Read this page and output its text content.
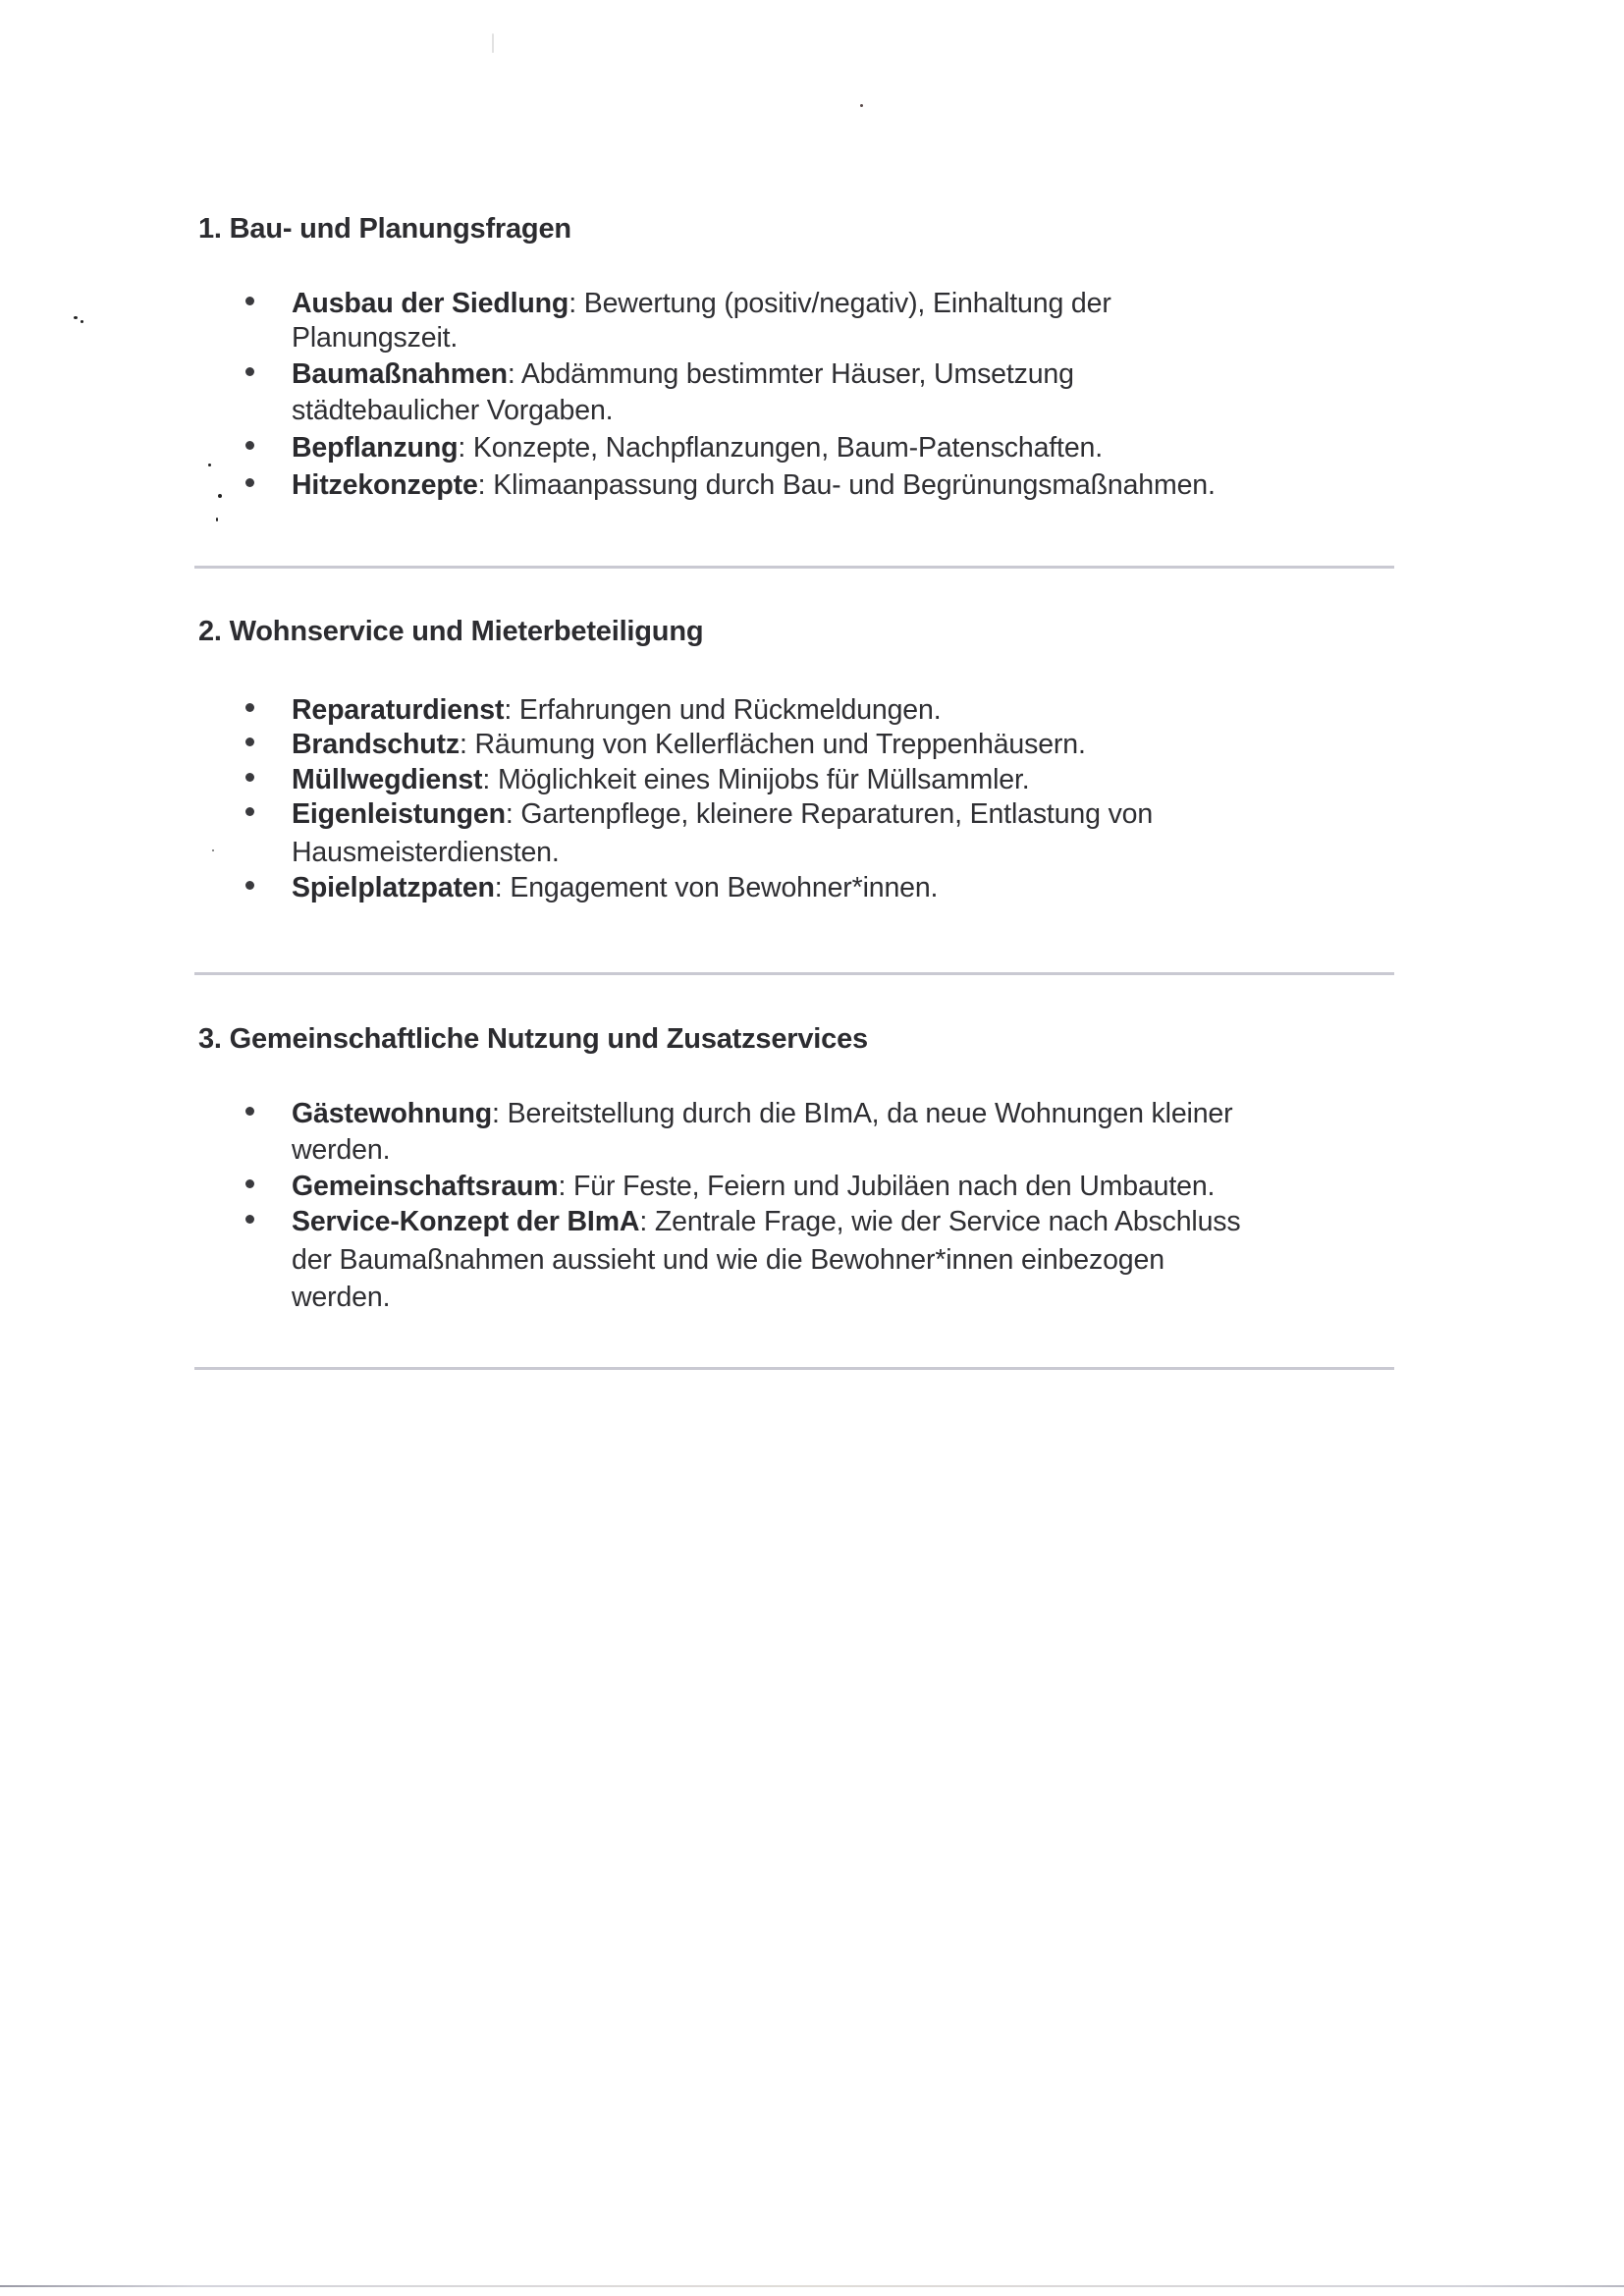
1. Bau- und Planungsfragen
Ausbau der Siedlung: Bewertung (positiv/negativ), Einhaltung der
Planungszeit.
Baumaßnahmen: Abdämmung bestimmter Häuser, Umsetzung
städtebaulicher Vorgaben.
Bepflanzung: Konzepte, Nachpflanzungen, Baum-Patenschaften.
Hitzekonzepte: Klimaanpassung durch Bau- und Begrünungsmaßnahmen.
2. Wohnservice und Mieterbeteiligung
Reparaturdienst: Erfahrungen und Rückmeldungen.
Brandschutz: Räumung von Kellerflächen und Treppenhäusern.
Müllwegdienst: Möglichkeit eines Minijobs für Müllsammler.
Eigenleistungen: Gartenpflege, kleinere Reparaturen, Entlastung von
Hausmeisterdiensten.
Spielplatzpaten: Engagement von Bewohner*innen.
3. Gemeinschaftliche Nutzung und Zusatzservices
Gästewohnung: Bereitstellung durch die BImA, da neue Wohnungen kleiner
werden.
Gemeinschaftsraum: Für Feste, Feiern und Jubiläen nach den Umbauten.
Service-Konzept der BImA: Zentrale Frage, wie der Service nach Abschluss
der Baumaßnahmen aussieht und wie die Bewohner*innen einbezogen
werden.
